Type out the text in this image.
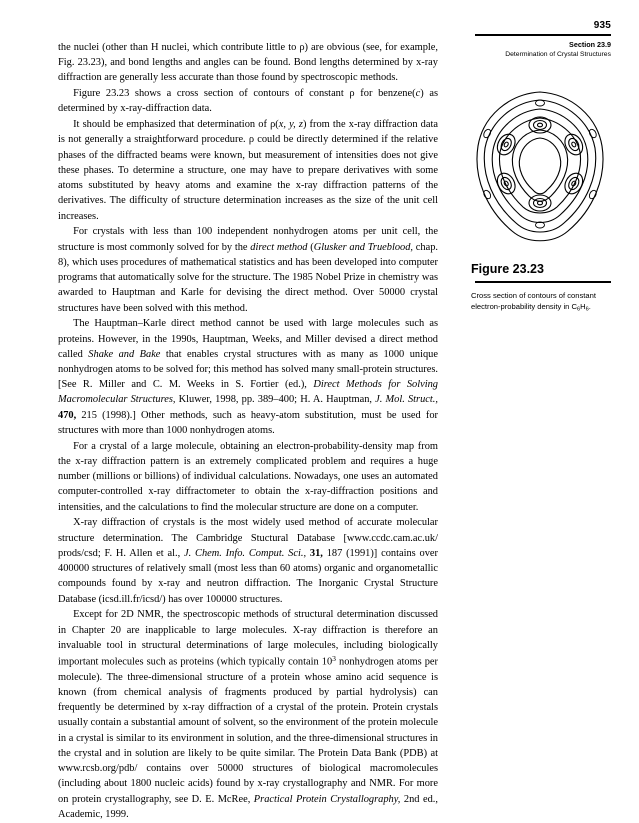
935
Section 23.9
Determination of Crystal Structures
Figure 23.23
Cross section of contours of constant electron-probability density in $C_6H_6$.

the nuclei (other than H nuclei, which contribute little to ρ) are obvious (see, for example, Fig. 23.23), and bond lengths and angles can be found. Bond lengths determined by x-ray diffraction are generally less accurate than those found by spectroscopic methods.

Figure 23.23 shows a cross section of contours of constant ρ for benzene(c) as determined by x-ray-diffraction data.

It should be emphasized that determination of ρ(x, y, z) from the x-ray diffraction data is not generally a straightforward procedure. ρ could be directly determined if the relative phases of the diffracted beams were known, but measurement of intensities does not give these phases. To determine a structure, one may have to prepare derivatives with some atoms substituted by heavy atoms and examine the x-ray diffraction patterns of the derivatives. The difficulty of structure determination increases as the size of the unit cell increases.

For crystals with less than 100 independent nonhydrogen atoms per unit cell, the structure is most commonly solved for by the direct method (Glusker and Trueblood, chap. 8), which uses procedures of mathematical statistics and has been developed into computer programs that automatically solve for the structure. The 1985 Nobel Prize in chemistry was awarded to Hauptman and Karle for devising the direct method. Over 50000 crystal structures have been solved with this method.

The Hauptman–Karle direct method cannot be used with large molecules such as proteins. However, in the 1990s, Hauptman, Weeks, and Miller devised a direct method called Shake and Bake that enables crystal structures with as many as 1000 unique nonhydrogen atoms to be solved for; this method has solved many small-protein structures. [See R. Miller and C. M. Weeks in S. Fortier (ed.), Direct Methods for Solving Macromolecular Structures, Kluwer, 1998, pp. 389–400; H. A. Hauptman, J. Mol. Struct., 470, 215 (1998).] Other methods, such as heavy-atom substitution, must be used for structures with more than 1000 nonhydrogen atoms.

For a crystal of a large molecule, obtaining an electron-probability-density map from the x-ray diffraction pattern is an extremely complicated problem and requires a huge number (millions or billions) of individual calculations. Nowadays, one uses an automated computer-controlled x-ray diffractometer to obtain the x-ray-diffraction positions and intensities, and the calculations to find the molecular structure are done on a computer.

X-ray diffraction of crystals is the most widely used method of accurate molecular structure determination. The Cambridge Stuctural Database [www.ccdc.cam.ac.uk/ prods/csd; F. H. Allen et al., J. Chem. Info. Comput. Sci., 31, 187 (1991)] contains over 400000 structures of relatively small (most less than 60 atoms) organic and organometallic compounds found by x-ray and neutron diffraction. The Inorganic Crystal Structure Database (icsd.ill.fr/icsd/) has over 100000 structures.

Except for 2D NMR, the spectroscopic methods of structural determination discussed in Chapter 20 are inapplicable to large molecules. X-ray diffraction is therefore an invaluable tool in structural determinations of large molecules, including biologically important molecules such as proteins (which typically contain $10^3$ nonhydrogen atoms per molecule). The three-dimensional structure of a protein whose amino acid sequence is known (from chemical analysis of fragments produced by partial hydrolysis) can frequently be determined by x-ray diffraction of a crystal of the protein. Protein crystals usually contain a substantial amount of solvent, so the environment of the protein molecule in a crystal is similar to its environment in solution, and the three-dimensional structures in the crystal and in solution are likely to be quite similar. The Protein Data Bank (PDB) at www.rcsb.org/pdb/ contains over 50000 structures of biological macromolecules (including about 1800 nucleic acids) found by x-ray crystallography and NMR. For more on protein crystallography, see D. E. McRee, Practical Protein Crystallography, 2nd ed., Academic, 1999.
